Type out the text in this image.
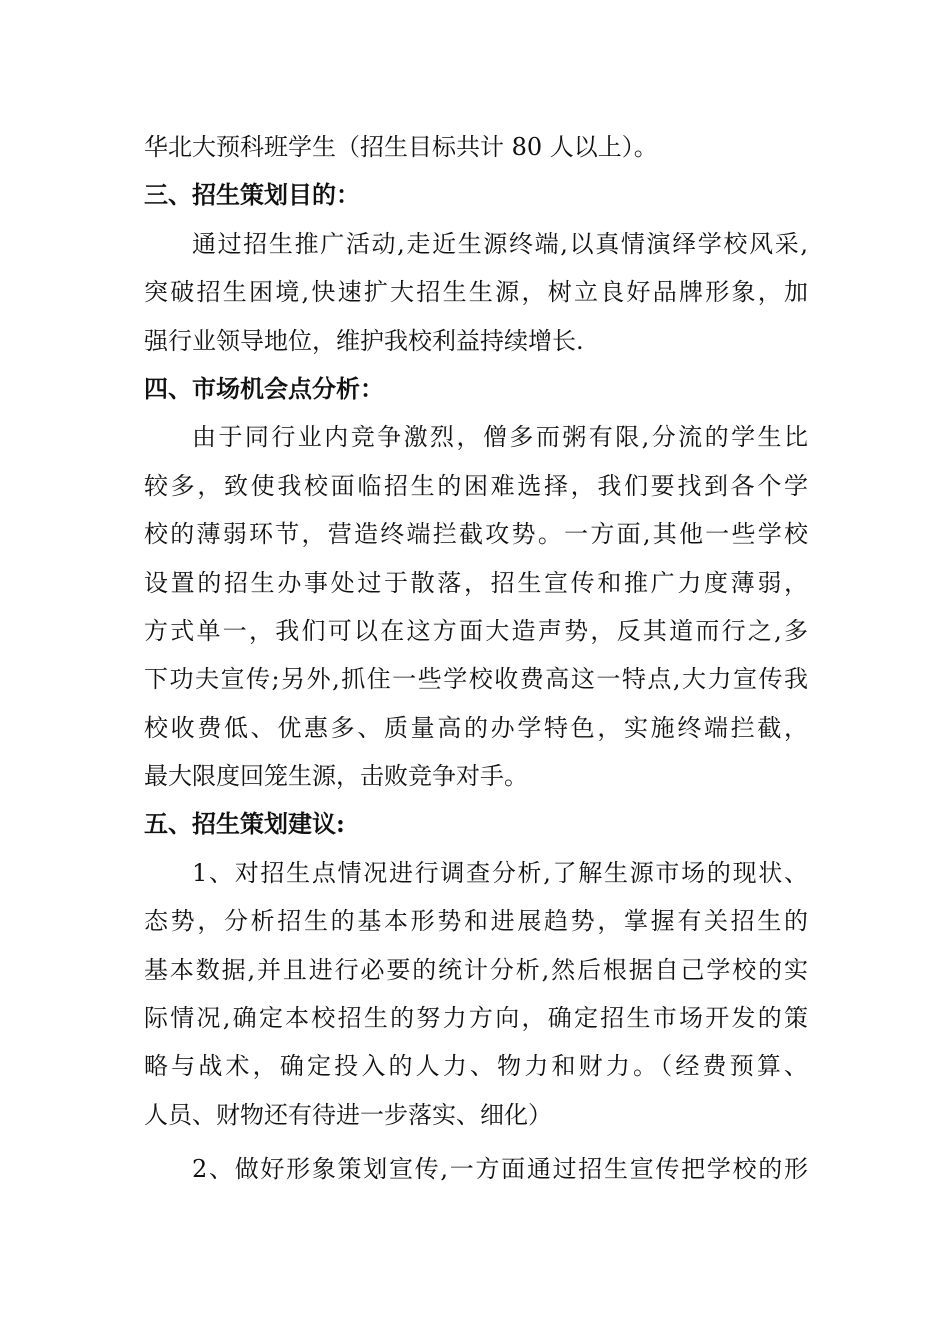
华北大预科班学生（招生目标共计 80 人以上）。
三、招生策划目的：
通过招生推广活动,走近生源终端,以真情演绎学校风采,
突破招生困境,快速扩大招生生源，树立良好品牌形象，加
强行业领导地位，维护我校利益持续增长.
四、市场机会点分析：
由于同行业内竞争激烈，僧多而粥有限,分流的学生比
较多，致使我校面临招生的困难选择，我们要找到各个学
校的薄弱环节，营造终端拦截攻势。一方面,其他一些学校
设置的招生办事处过于散落，招生宣传和推广力度薄弱，
方式单一，我们可以在这方面大造声势，反其道而行之,多
下功夫宣传;另外,抓住一些学校收费高这一特点,大力宣传我
校收费低、优惠多、质量高的办学特色，实施终端拦截，
最大限度回笼生源，击败竞争对手。
五、招生策划建议:
1、对招生点情况进行调查分析,了解生源市场的现状、
态势，分析招生的基本形势和进展趋势，掌握有关招生的
基本数据,并且进行必要的统计分析,然后根据自己学校的实
际情况,确定本校招生的努力方向，确定招生市场开发的策
略与战术，确定投入的人力、物力和财力。（经费预算、
人员、财物还有待进一步落实、细化）
2、做好形象策划宣传,一方面通过招生宣传把学校的形
